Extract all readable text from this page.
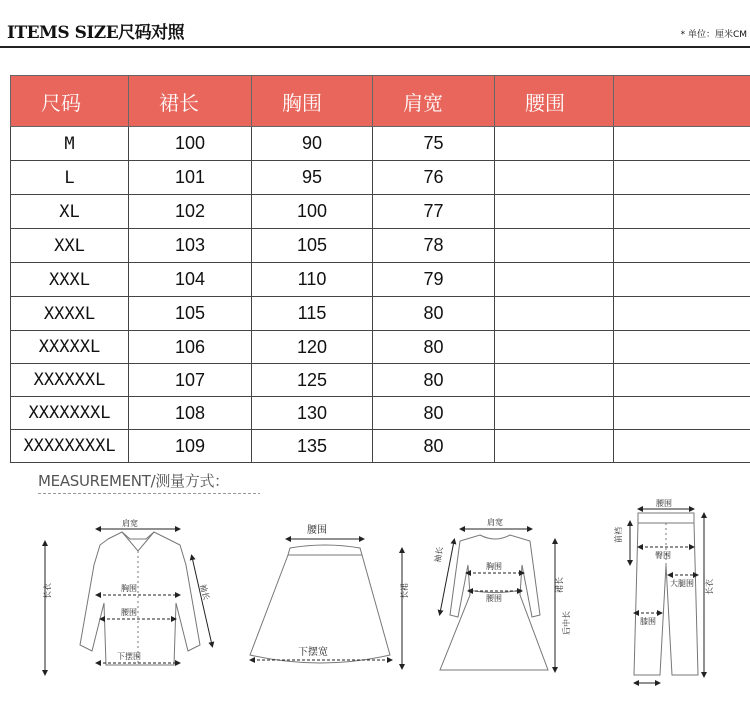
ITEMS SIZE尺码对照	* 单位：厘米CM
尺码	裙长	胸围	肩宽	腰围	
M	100	90	75		
L	101	95	76		
XL	102	100	77		
XXL	103	105	78		
XXXL	104	110	79		
XXXXL	105	115	80		
XXXXXL	106	120	80		
XXXXXXL	107	125	80		
XXXXXXXL	108	130	80		
XXXXXXXXL	109	135	80		
MEASUREMENT/测量方式：
肩宽
胸围
腰围
下摆围
长衣	袖长
腰围
下摆宽
长裙
肩宽
胸围
腰围
袖长
裙长
后中长
腰围
前裆
臀围
大腿围
膝围
长衣
